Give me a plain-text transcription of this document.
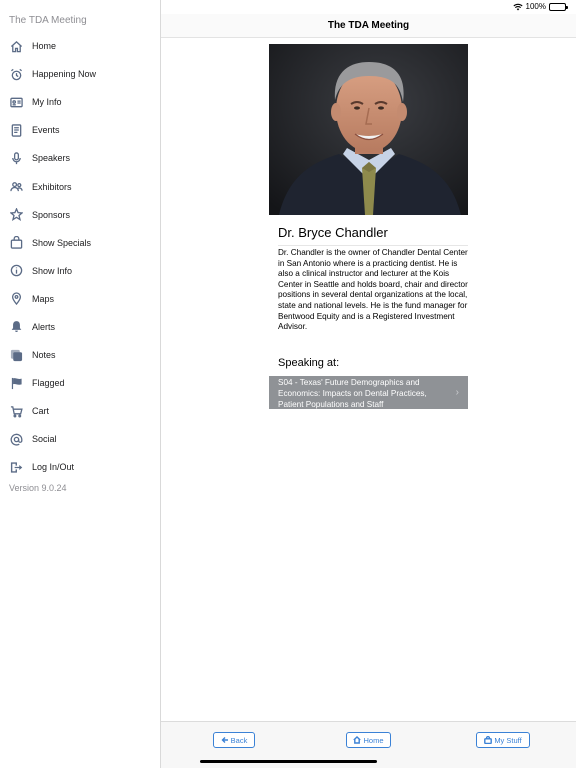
100%
The TDA Meeting
Home
Happening Now
My Info
Events
Speakers
Exhibitors
Sponsors
Show Specials
Show Info
Maps
Alerts
Notes
Flagged
Cart
Social
Log In/Out
Version 9.0.24
The TDA Meeting
Dr. Bryce Chandler
Dr. Chandler is the owner of Chandler Dental Center in San Antonio where is a practicing dentist. He is also a clinical instructor and lecturer at the Kois Center in Seattle and holds board, chair and director positions in several dental organizations at the local, state and national levels. He is the fund manager for Bentwood Equity and is a Registered Investment Advisor.
Speaking at:
S04 - Texas' Future Demographics and Economics: Impacts on Dental Practices, Patient Populations and Staff
›
Back	Home	My Stuff
